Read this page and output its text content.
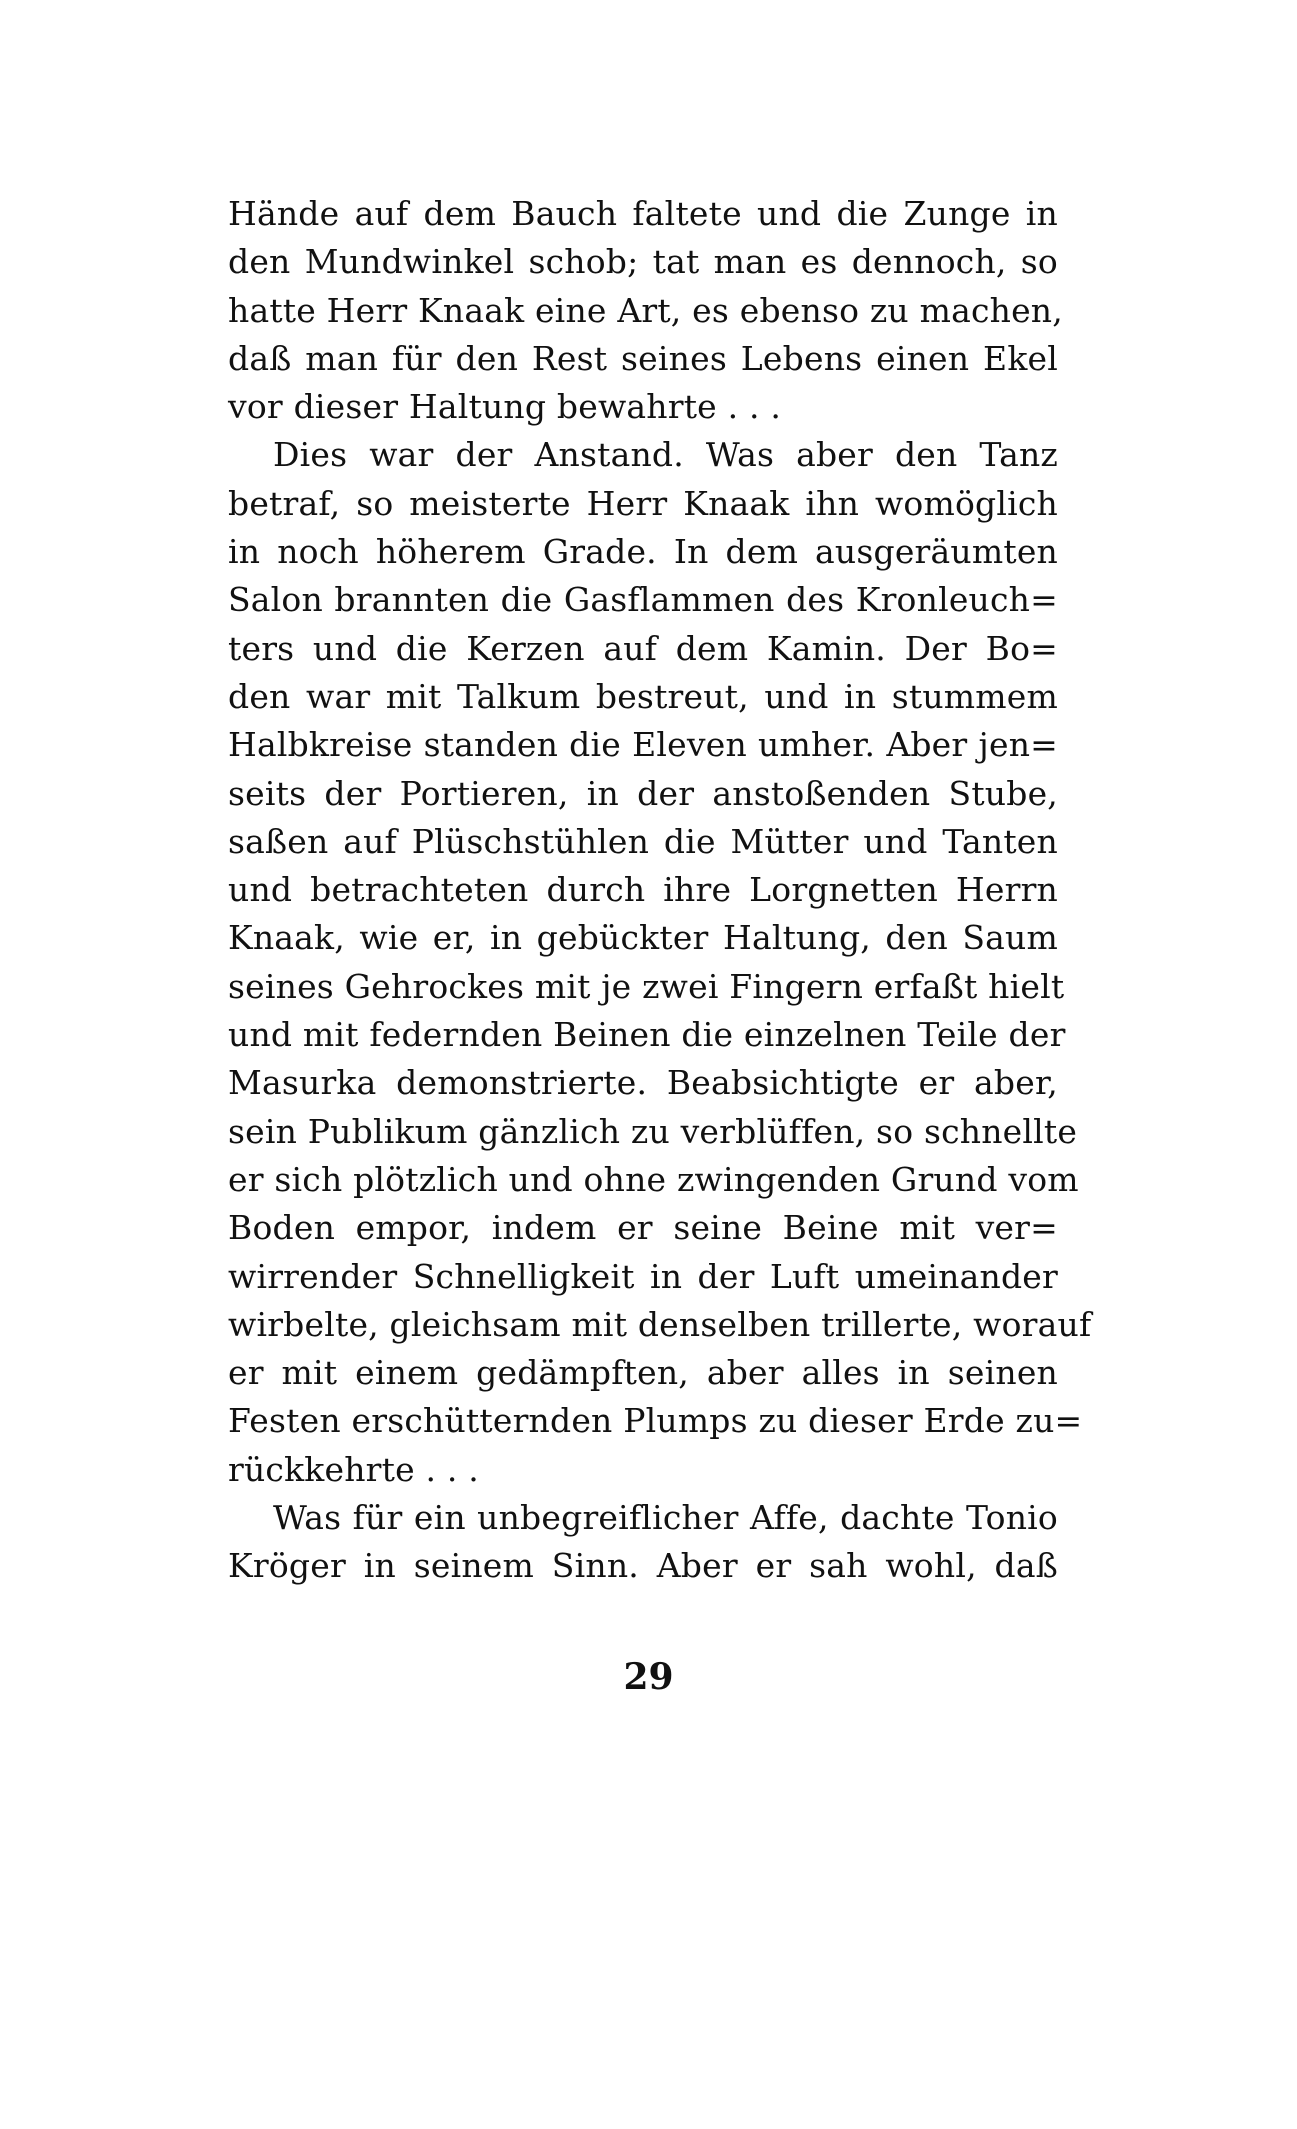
Hände auf dem Bauch faltete und die Zunge in
den Mundwinkel schob; tat man es dennoch, so
hatte Herr Knaak eine Art, es ebenso zu machen,
daß man für den Rest seines Lebens einen Ekel
vor dieser Haltung bewahrte . . .
Dies war der Anstand. Was aber den Tanz
betraf, so meisterte Herr Knaak ihn womöglich
in noch höherem Grade. In dem ausgeräumten
Salon brannten die Gasflammen des Kronleuch=
ters und die Kerzen auf dem Kamin. Der Bo=
den war mit Talkum bestreut, und in stummem
Halbkreise standen die Eleven umher. Aber jen=
seits der Portieren, in der anstoßenden Stube,
saßen auf Plüschstühlen die Mütter und Tanten
und betrachteten durch ihre Lorgnetten Herrn
Knaak, wie er, in gebückter Haltung, den Saum
seines Gehrockes mit je zwei Fingern erfaßt hielt
und mit federnden Beinen die einzelnen Teile der
Masurka demonstrierte. Beabsichtigte er aber,
sein Publikum gänzlich zu verblüffen, so schnellte
er sich plötzlich und ohne zwingenden Grund vom
Boden empor, indem er seine Beine mit ver=
wirrender Schnelligkeit in der Luft umeinander
wirbelte, gleichsam mit denselben trillerte, worauf
er mit einem gedämpften, aber alles in seinen
Festen erschütternden Plumps zu dieser Erde zu=
rückkehrte . . .
Was für ein unbegreiflicher Affe, dachte Tonio
Kröger in seinem Sinn. Aber er sah wohl, daß
29
